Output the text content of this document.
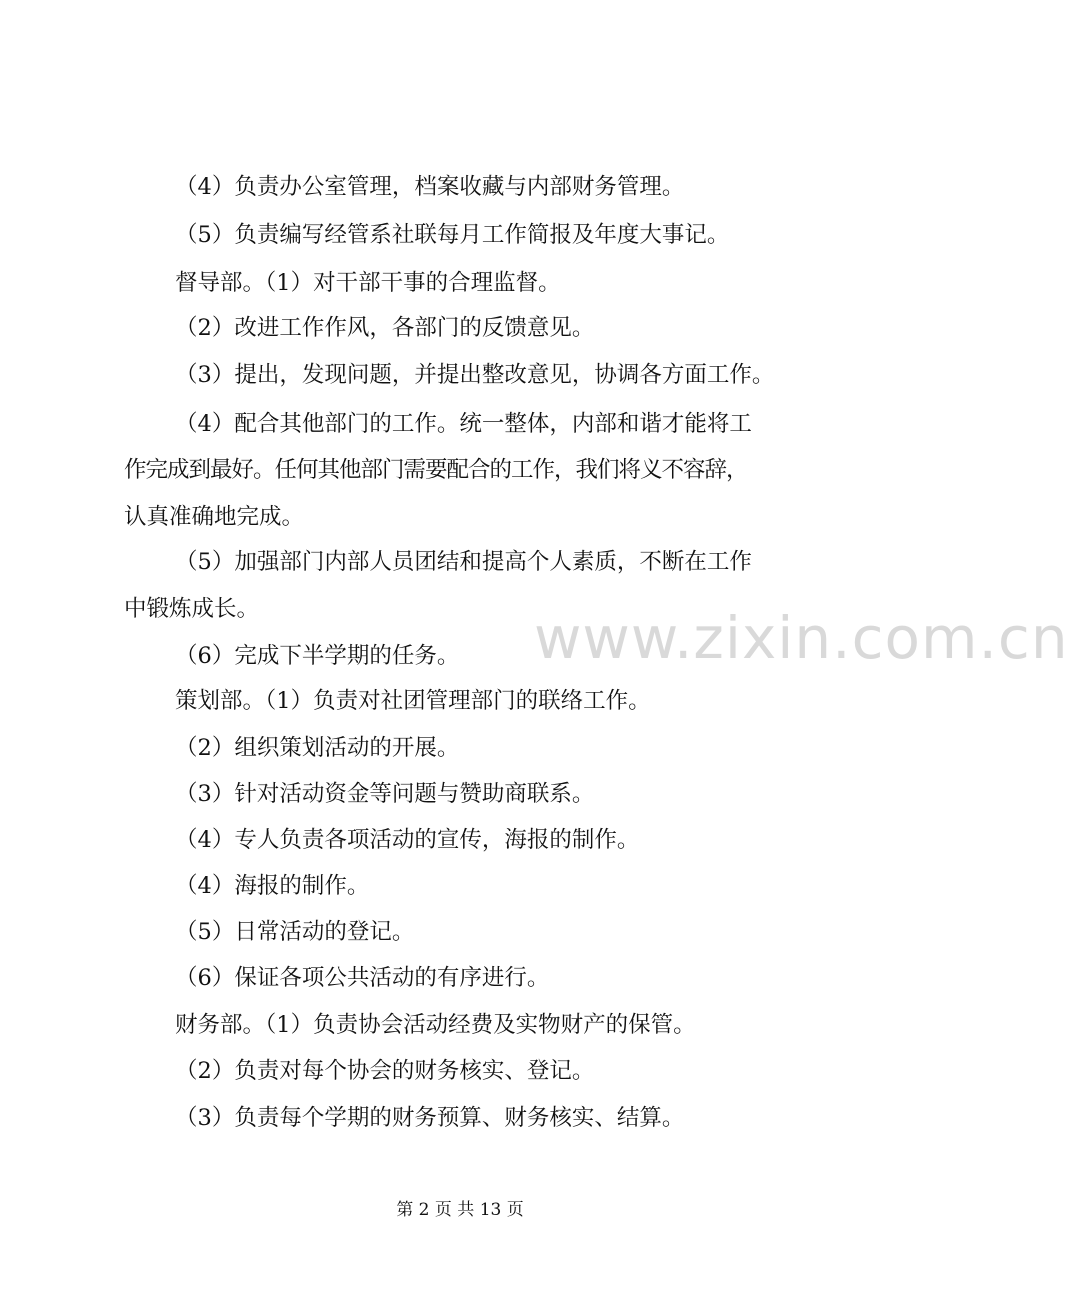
（4）负责办公室管理，档案收藏与内部财务管理。

（5）负责编写经管系社联每月工作简报及年度大事记。

督导部。（1）对干部干事的合理监督。

（2）改进工作作风，各部门的反馈意见。

（3）提出，发现问题，并提出整改意见，协调各方面工作。

（4）配合其他部门的工作。统一整体，内部和谐才能将工

作完成到最好。任何其他部门需要配合的工作，我们将义不容辞，

认真准确地完成。

（5）加强部门内部人员团结和提高个人素质，不断在工作

中锻炼成长。

（6）完成下半学期的任务。

策划部。（1）负责对社团管理部门的联络工作。

（2）组织策划活动的开展。

（3）针对活动资金等问题与赞助商联系。

（4）专人负责各项活动的宣传，海报的制作。

（4）海报的制作。

（5）日常活动的登记。

（6）保证各项公共活动的有序进行。

财务部。（1）负责协会活动经费及实物财产的保管。

（2）负责对每个协会的财务核实、登记。

（3）负责每个学期的财务预算、财务核实、结算。

www.zixin.com.cn
第 2 页 共 13 页
